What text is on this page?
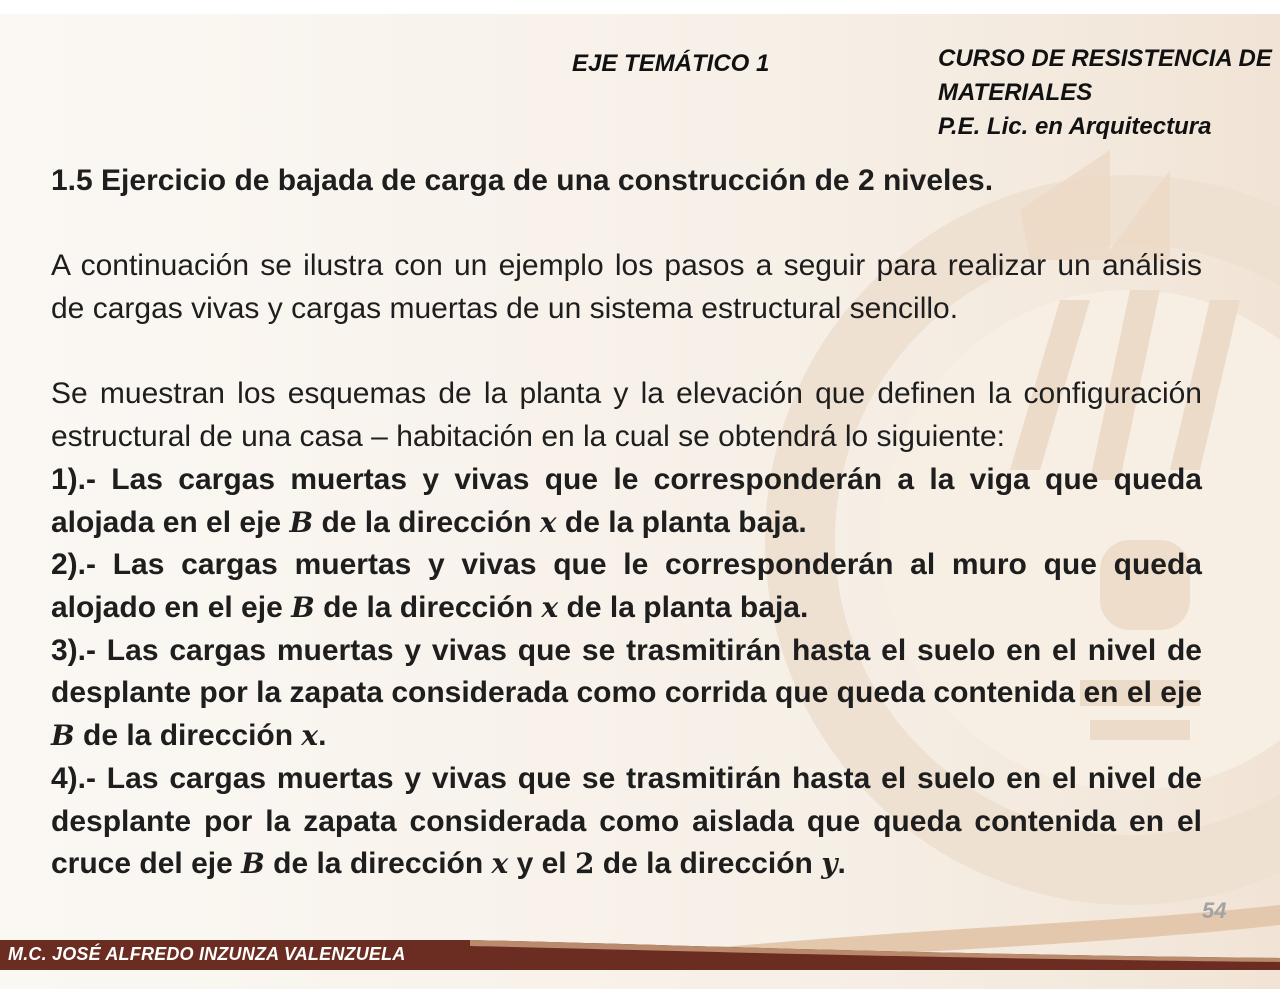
EJE TEMÁTICO 1	CURSO DE RESISTENCIA DE
MATERIALES
P.E. Lic. en Arquitectura

1.5 Ejercicio de bajada de carga de una construcción de 2 niveles.

A continuación se ilustra con un ejemplo los pasos a seguir para realizar un análisis de cargas vivas y cargas muertas de un sistema estructural sencillo.

Se muestran los esquemas de la planta y la elevación que definen la configuración estructural de una casa – habitación en la cual se obtendrá lo siguiente:

1).- Las cargas muertas y vivas que le corresponderán a la viga que queda alojada en el eje B de la dirección x de la planta baja.

2).- Las cargas muertas y vivas que le corresponderán al muro que queda alojado en el eje B de la dirección x de la planta baja.

3).- Las cargas muertas y vivas que se trasmitirán hasta el suelo en el nivel de desplante por la zapata considerada como corrida que queda contenida en el eje B de la dirección x.

4).- Las cargas muertas y vivas que se trasmitirán hasta el suelo en el nivel de desplante por la zapata considerada como aislada que queda contenida en el cruce del eje B de la dirección x y el 2 de la dirección y.

54
M.C. JOSÉ ALFREDO INZUNZA VALENZUELA
